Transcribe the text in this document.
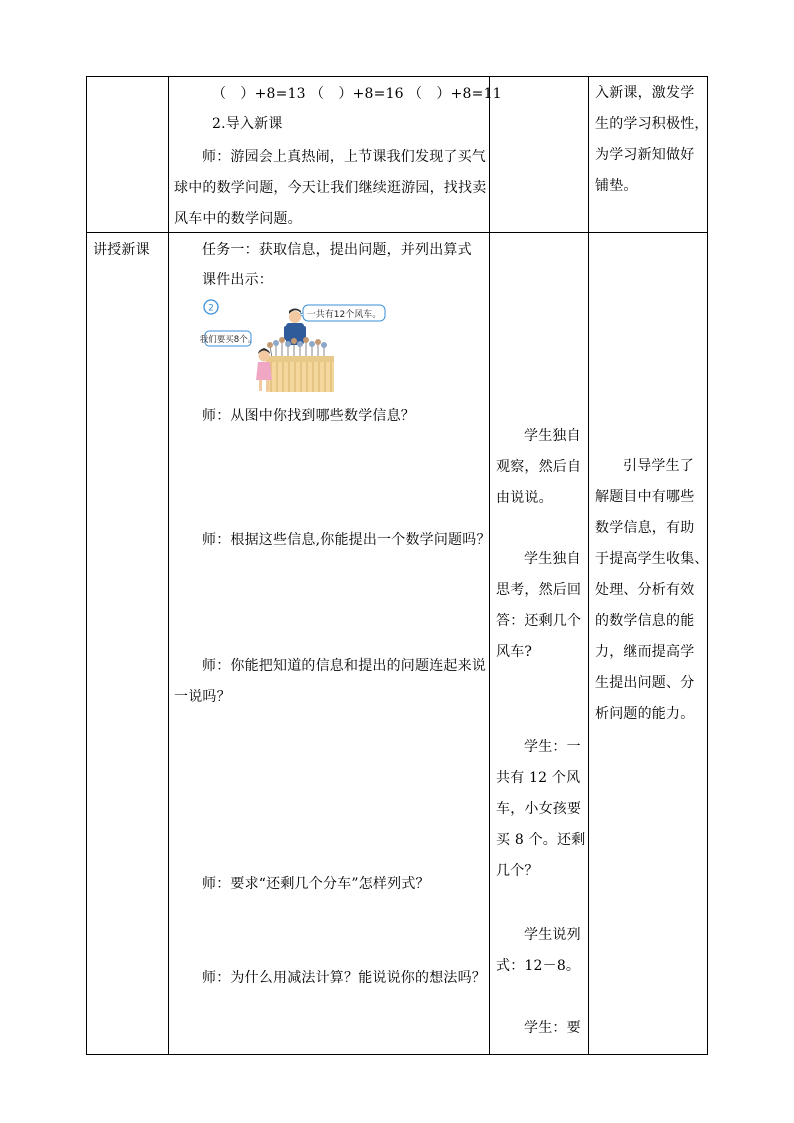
（　）+8=13 （　）+8=16 （　）+8=11
2.导入新课
师：游园会上真热闹，上节课我们发现了买气
球中的数学问题，今天让我们继续逛游园，找找卖
风车中的数学问题。
入新课，激发学
生的学习积极性，
为学习新知做好
铺垫。
讲授新课	任务一：获取信息，提出问题，并列出算式
课件出示：
2
一共有12个风车。
我们要买8个。
师：从图中你找到哪些数学信息？
师：根据这些信息,你能提出一个数学问题吗？
师：你能把知道的信息和提出的问题连起来说
一说吗？
师：要求“还剩几个分车”怎样列式？
师：为什么用减法计算？能说说你的想法吗？
学生独自
观察，然后自
由说说。
学生独自
思考，然后回
答：还剩几个
风车?
学生：一
共有 12 个风
车，小女孩要
买 8 个。还剩
几个？
学生说列
式：12－8。
学生：要
引导学生了
解题目中有哪些
数学信息，有助
于提高学生收集、
处理、分析有效
的数学信息的能
力，继而提高学
生提出问题、分
析问题的能力。
